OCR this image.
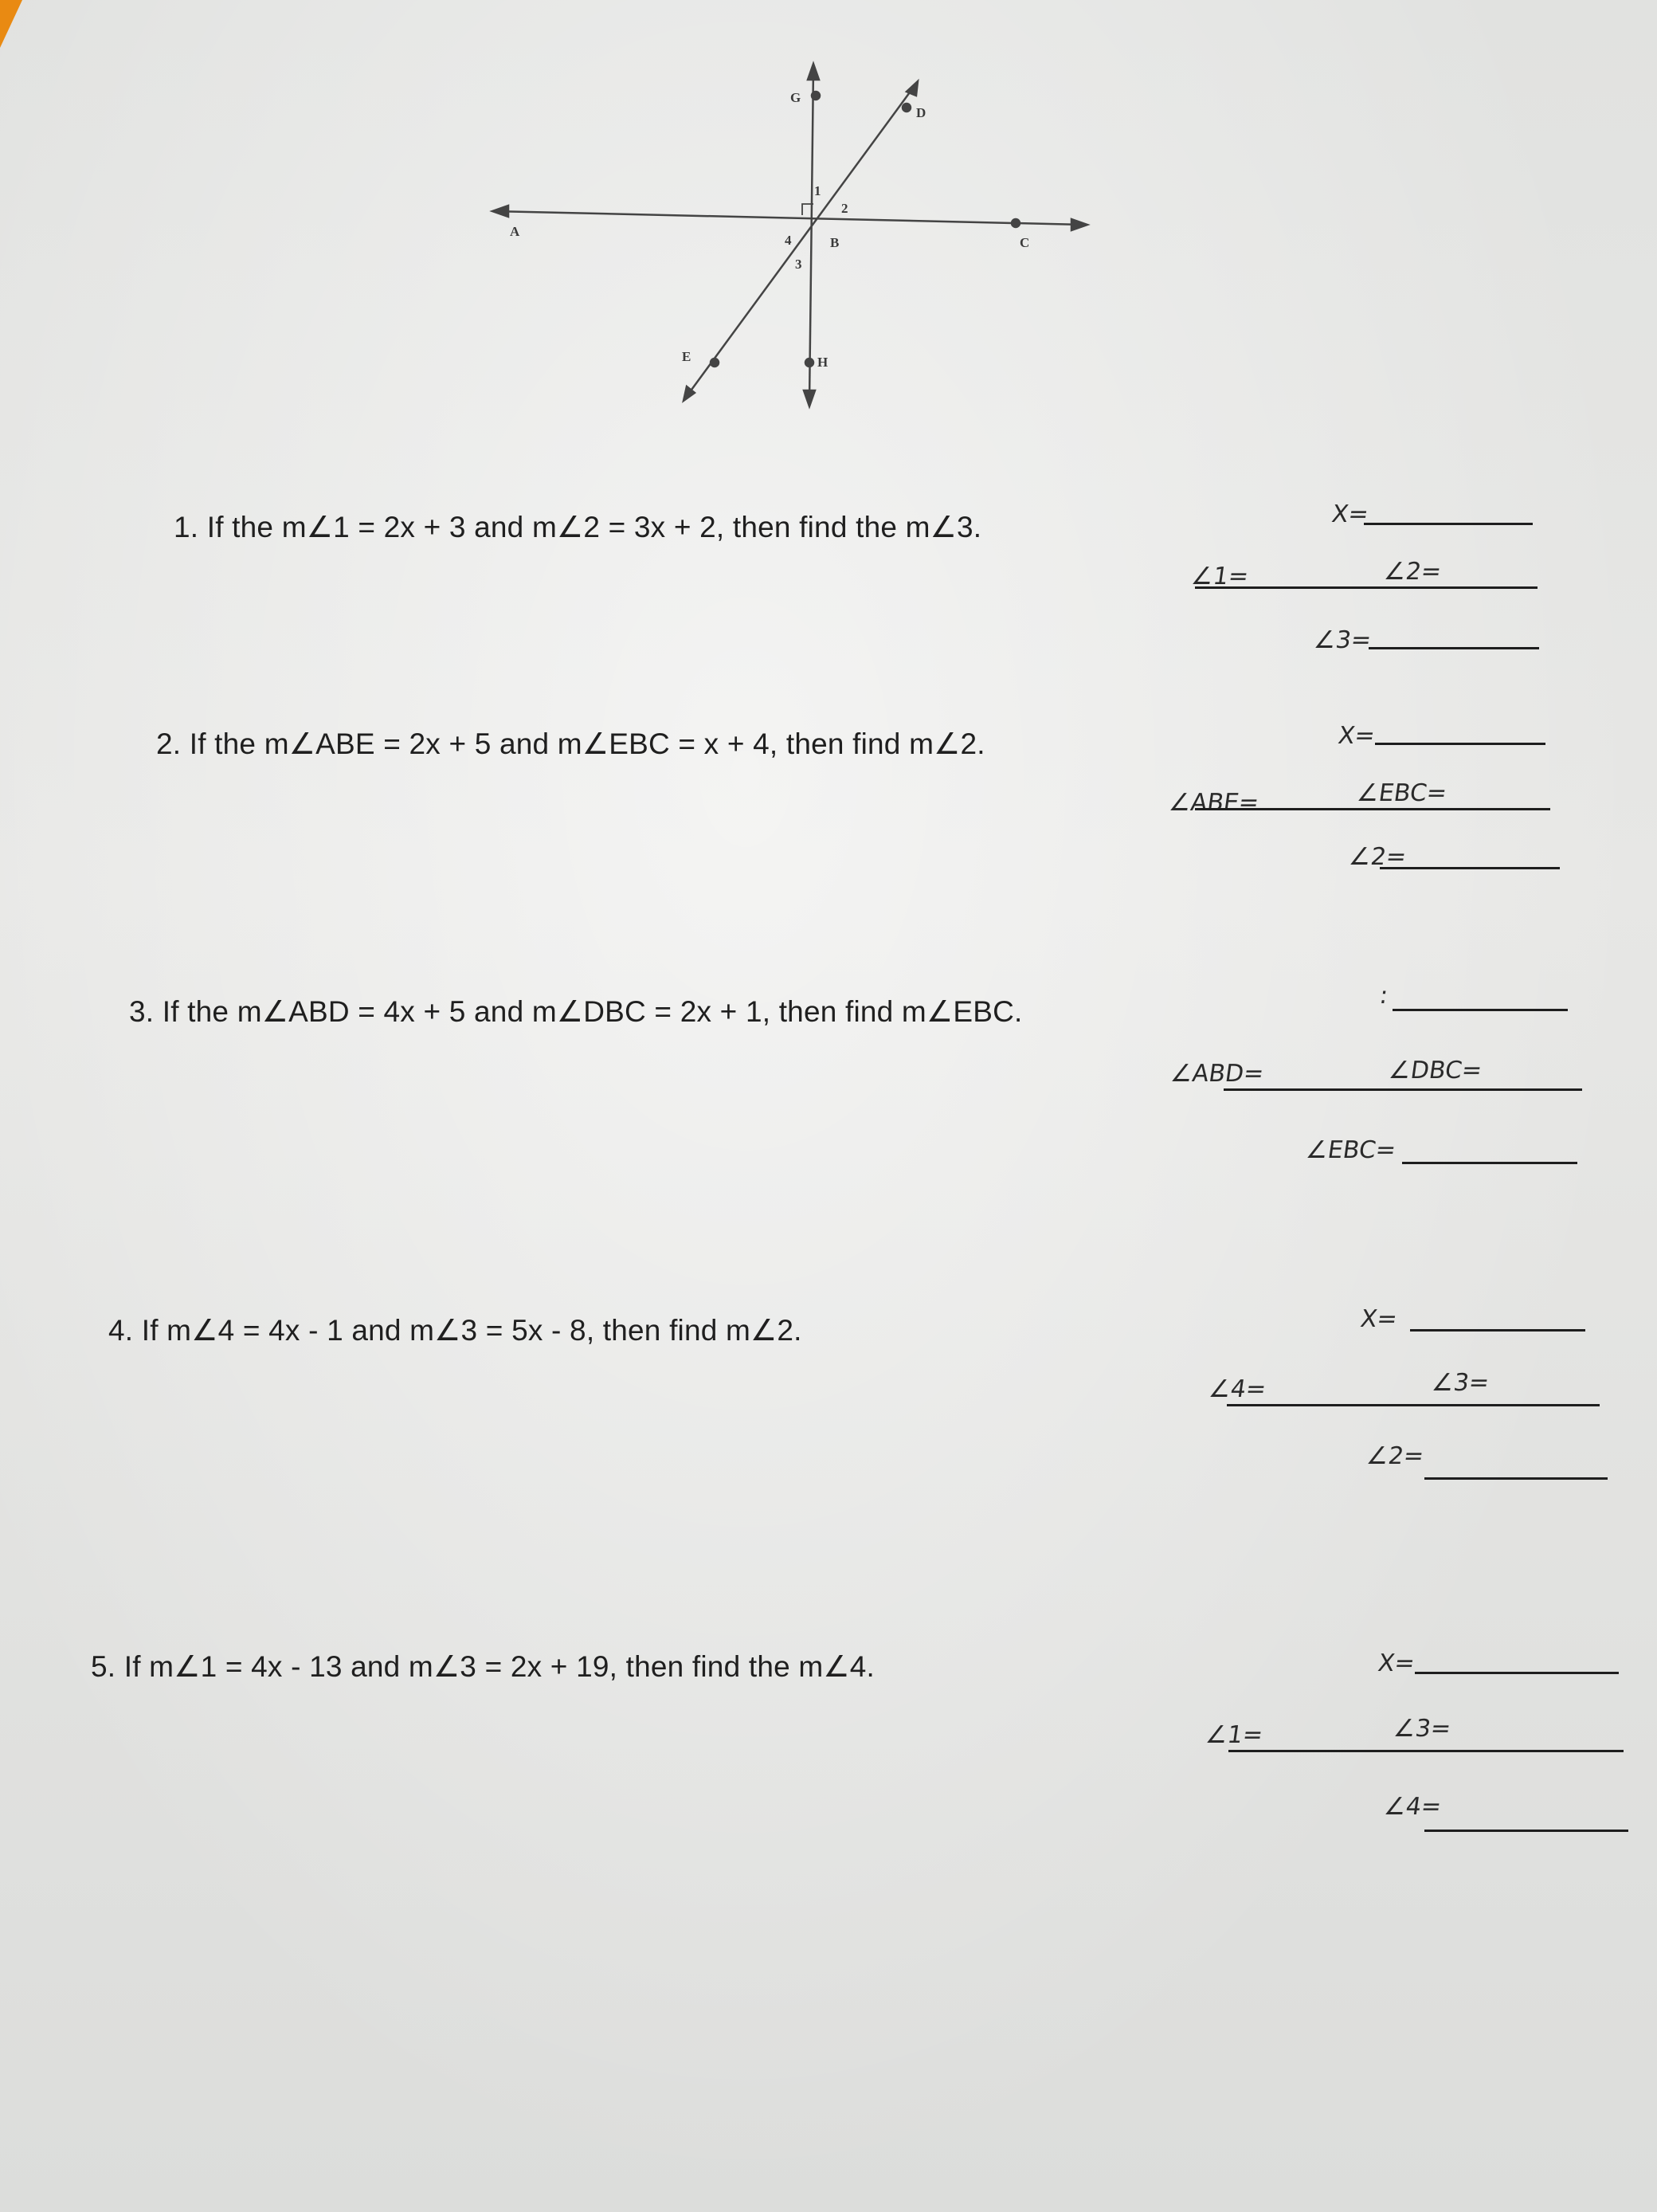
G
D
A
C
B
E	H
1
2
3
4
1. If the m∠1 = 2x + 3 and m∠2 = 3x + 2, then find the m∠3.	X=
∠1=	∠2=
∠3=
2. If the m∠ABE = 2x + 5 and m∠EBC = x + 4, then find m∠2.	X=
∠ABE=	∠EBC=
∠2=
3. If the m∠ABD = 4x + 5 and m∠DBC = 2x + 1, then find m∠EBC.	:
∠ABD=	∠DBC=
∠EBC=
4. If m∠4 = 4x - 1 and m∠3 = 5x - 8, then find m∠2.	X=
∠4=	∠3=
∠2=
5. If m∠1 = 4x - 13 and m∠3 = 2x + 19, then find the m∠4.	X=
∠1=	∠3=
∠4=
